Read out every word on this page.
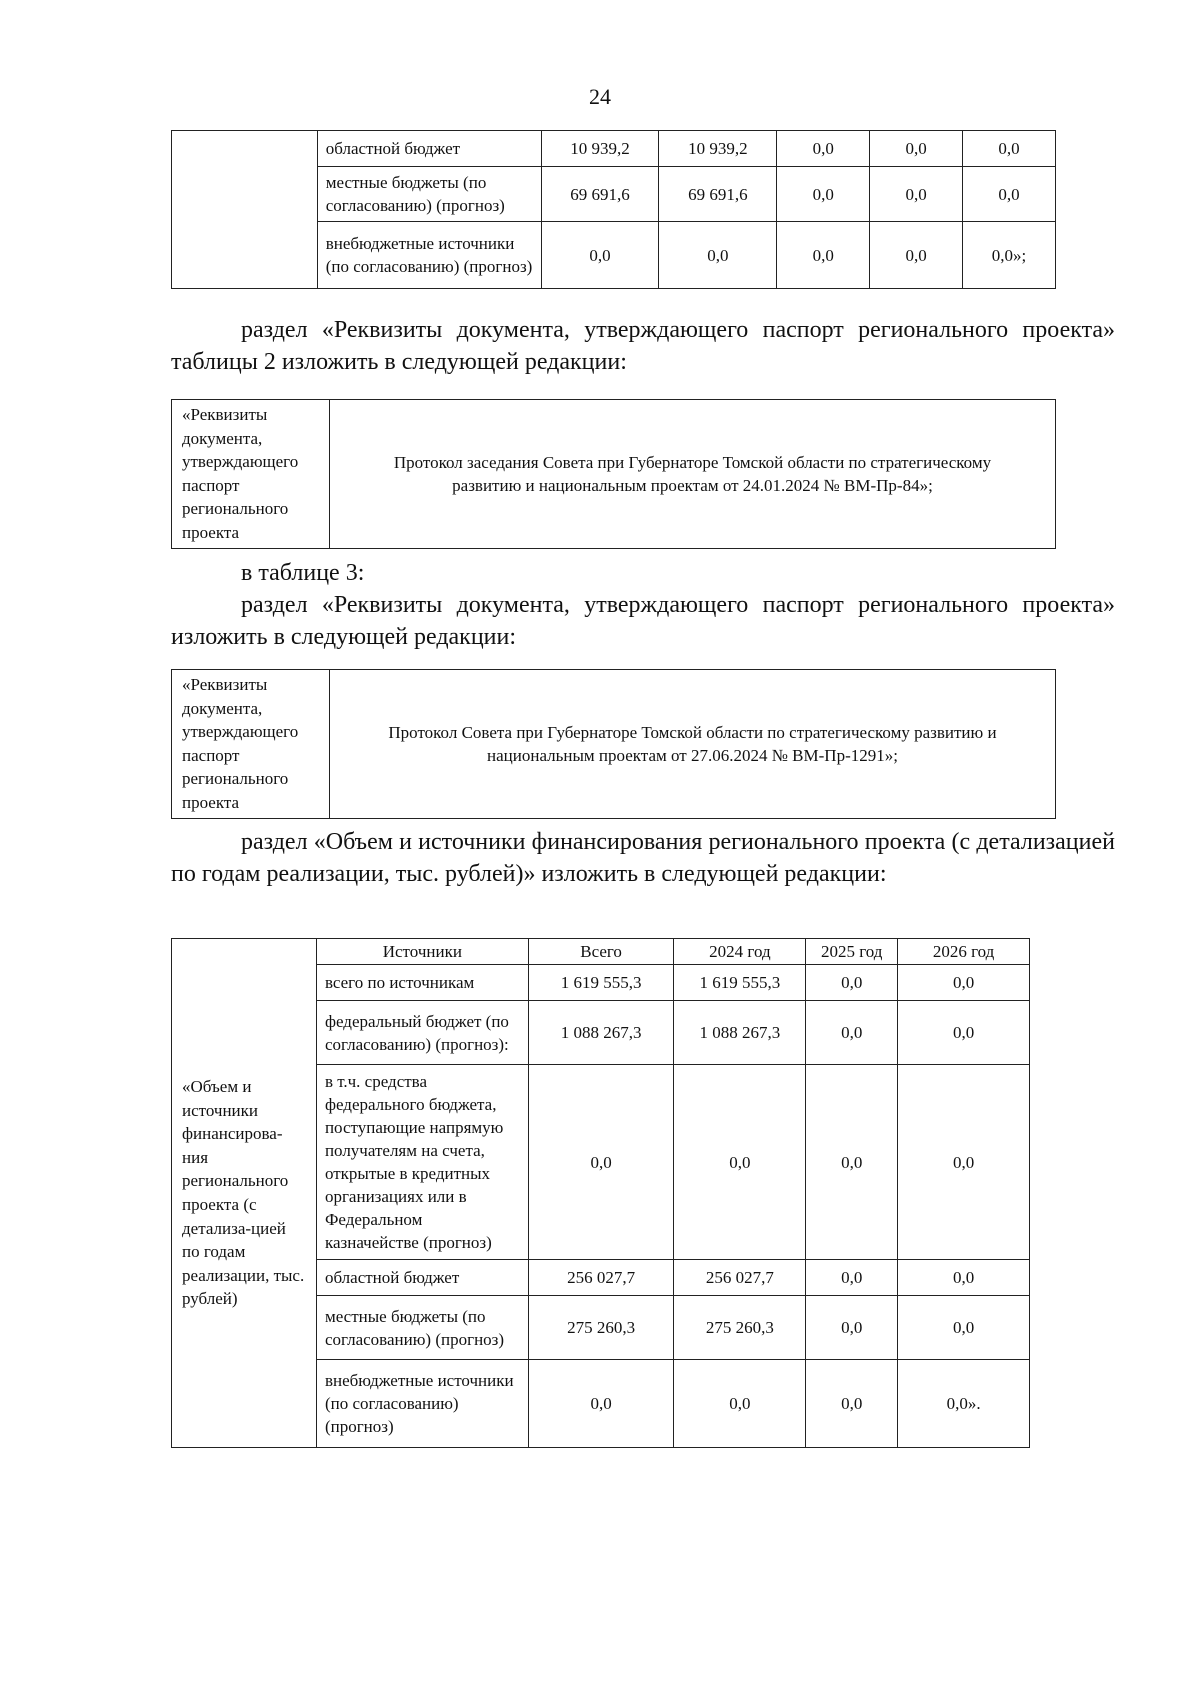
24
	областной бюджет	10 939,2	10 939,2	0,0	0,0	0,0
	местные бюджеты (по согласованию) (прогноз)	69 691,6	69 691,6	0,0	0,0	0,0
	внебюджетные источники (по согласованию) (прогноз)	0,0	0,0	0,0	0,0	0,0»;
раздел «Реквизиты документа, утверждающего паспорт регионального проекта» таблицы 2 изложить в следующей редакции:
«Реквизиты документа, утверждающего паспорт регионального проекта	Протокол заседания Совета при Губернаторе Томской области по стратегическому развитию и национальным проектам от 24.01.2024 № ВМ-Пр-84»;
в таблице 3:
раздел «Реквизиты документа, утверждающего паспорт регионального проекта» изложить в следующей редакции:
«Реквизиты документа, утверждающего паспорт регионального проекта	Протокол Совета при Губернаторе Томской области по стратегическому развитию и национальным проектам от 27.06.2024 № ВМ-Пр-1291»;
раздел «Объем и источники финансирования регионального проекта (с детализацией по годам реализации, тыс. рублей)» изложить в следующей редакции:
«Объем и источники финансирова-ния регионального проекта (с детализа-цией по годам реализации, тыс. рублей)	Источники	Всего	2024 год	2025 год	2026 год
	всего по источникам	1 619 555,3	1 619 555,3	0,0	0,0
	федеральный бюджет (по согласованию) (прогноз):	1 088 267,3	1 088 267,3	0,0	0,0
	в т.ч. средства федерального бюджета, поступающие напрямую получателям на счета, открытые в кредитных организациях или в Федеральном казначействе (прогноз)	0,0	0,0	0,0	0,0
	областной бюджет	256 027,7	256 027,7	0,0	0,0
	местные бюджеты (по согласованию) (прогноз)	275 260,3	275 260,3	0,0	0,0
	внебюджетные источники (по согласованию) (прогноз)	0,0	0,0	0,0	0,0».
